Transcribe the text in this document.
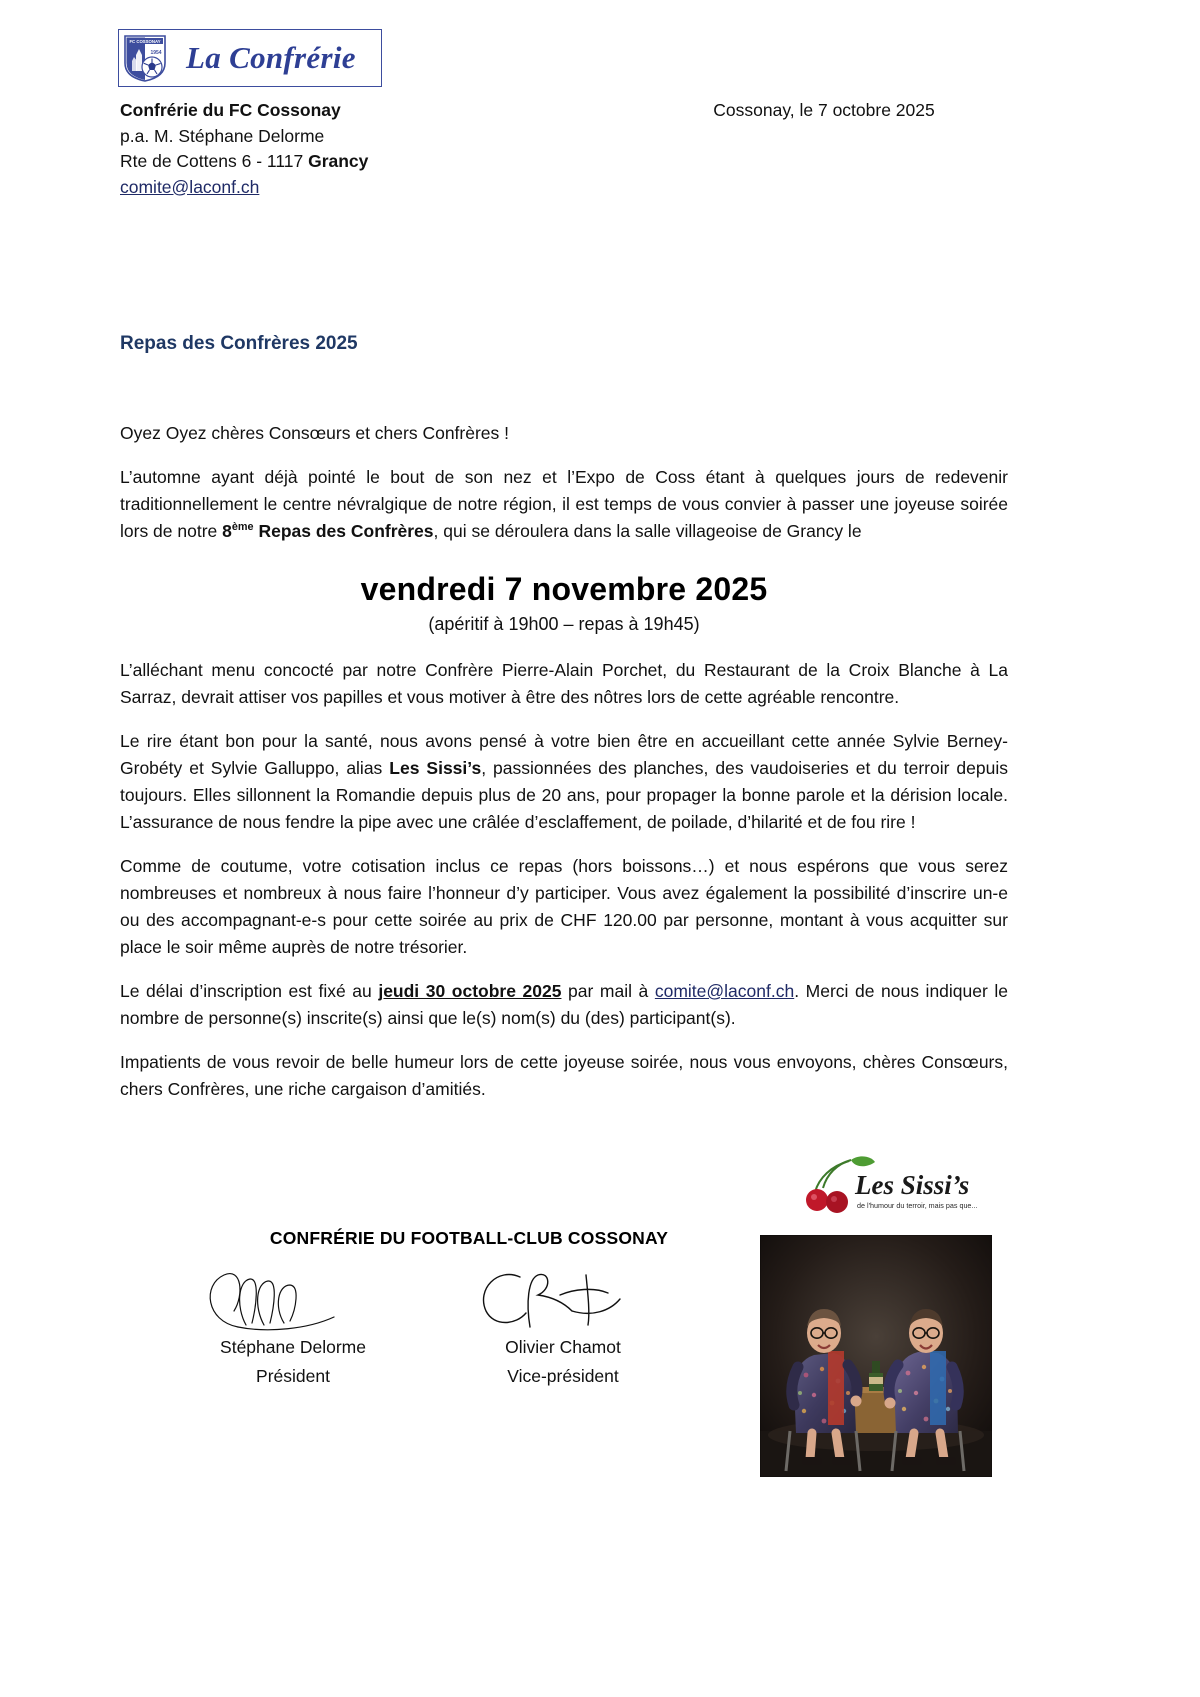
FC COSSONAY
1954 La Confrérie
Confrérie du FC Cossonay
p.a. M. Stéphane Delorme
Rte de Cottens 6 - 1117 Grancy
comite@laconf.ch
Cossonay, le 7 octobre 2025
Repas des Confrères 2025

Oyez Oyez chères Consœurs et chers Confrères !

L’automne ayant déjà pointé le bout de son nez et l’Expo de Coss étant à quelques jours de redevenir traditionnellement le centre névralgique de notre région, il est temps de vous convier à passer une joyeuse soirée lors de notre 8ème Repas des Confrères, qui se déroulera dans la salle villageoise de Grancy le

vendredi 7 novembre 2025
(apéritif à 19h00 – repas à 19h45)

L’alléchant menu concocté par notre Confrère Pierre-Alain Porchet, du Restaurant de la Croix Blanche à La Sarraz, devrait attiser vos papilles et vous motiver à être des nôtres lors de cette agréable rencontre.

Le rire étant bon pour la santé, nous avons pensé à votre bien être en accueillant cette année Sylvie Berney-Grobéty et Sylvie Galluppo, alias Les Sissi’s, passionnées des planches, des vaudoiseries et du terroir depuis toujours. Elles sillonnent la Romandie depuis plus de 20 ans, pour propager la bonne parole et la dérision locale. L’assurance de nous fendre la pipe avec une crâlée d’esclaffement, de poilade, d’hilarité et de fou rire !

Comme de coutume, votre cotisation inclus ce repas (hors boissons…) et nous espérons que vous serez nombreuses et nombreux à nous faire l’honneur d’y participer. Vous avez également la possibilité d’inscrire un-e ou des accompagnant-e-s pour cette soirée au prix de CHF 120.00 par personne, montant à vous acquitter sur place le soir même auprès de notre trésorier.

Le délai d’inscription est fixé au jeudi 30 octobre 2025 par mail à comite@laconf.ch. Merci de nous indiquer le nombre de personne(s) inscrite(s) ainsi que le(s) nom(s) du (des) participant(s).

Impatients de vous revoir de belle humeur lors de cette joyeuse soirée, nous vous envoyons, chères Consœurs, chers Confrères, une riche cargaison d’amitiés.

CONFRÉRIE DU FOOTBALL-CLUB COSSONAY
Stéphane Delorme
Président
Olivier Chamot
Vice-président
Les Sissi’s
de l'humour du terroir, mais pas que...
